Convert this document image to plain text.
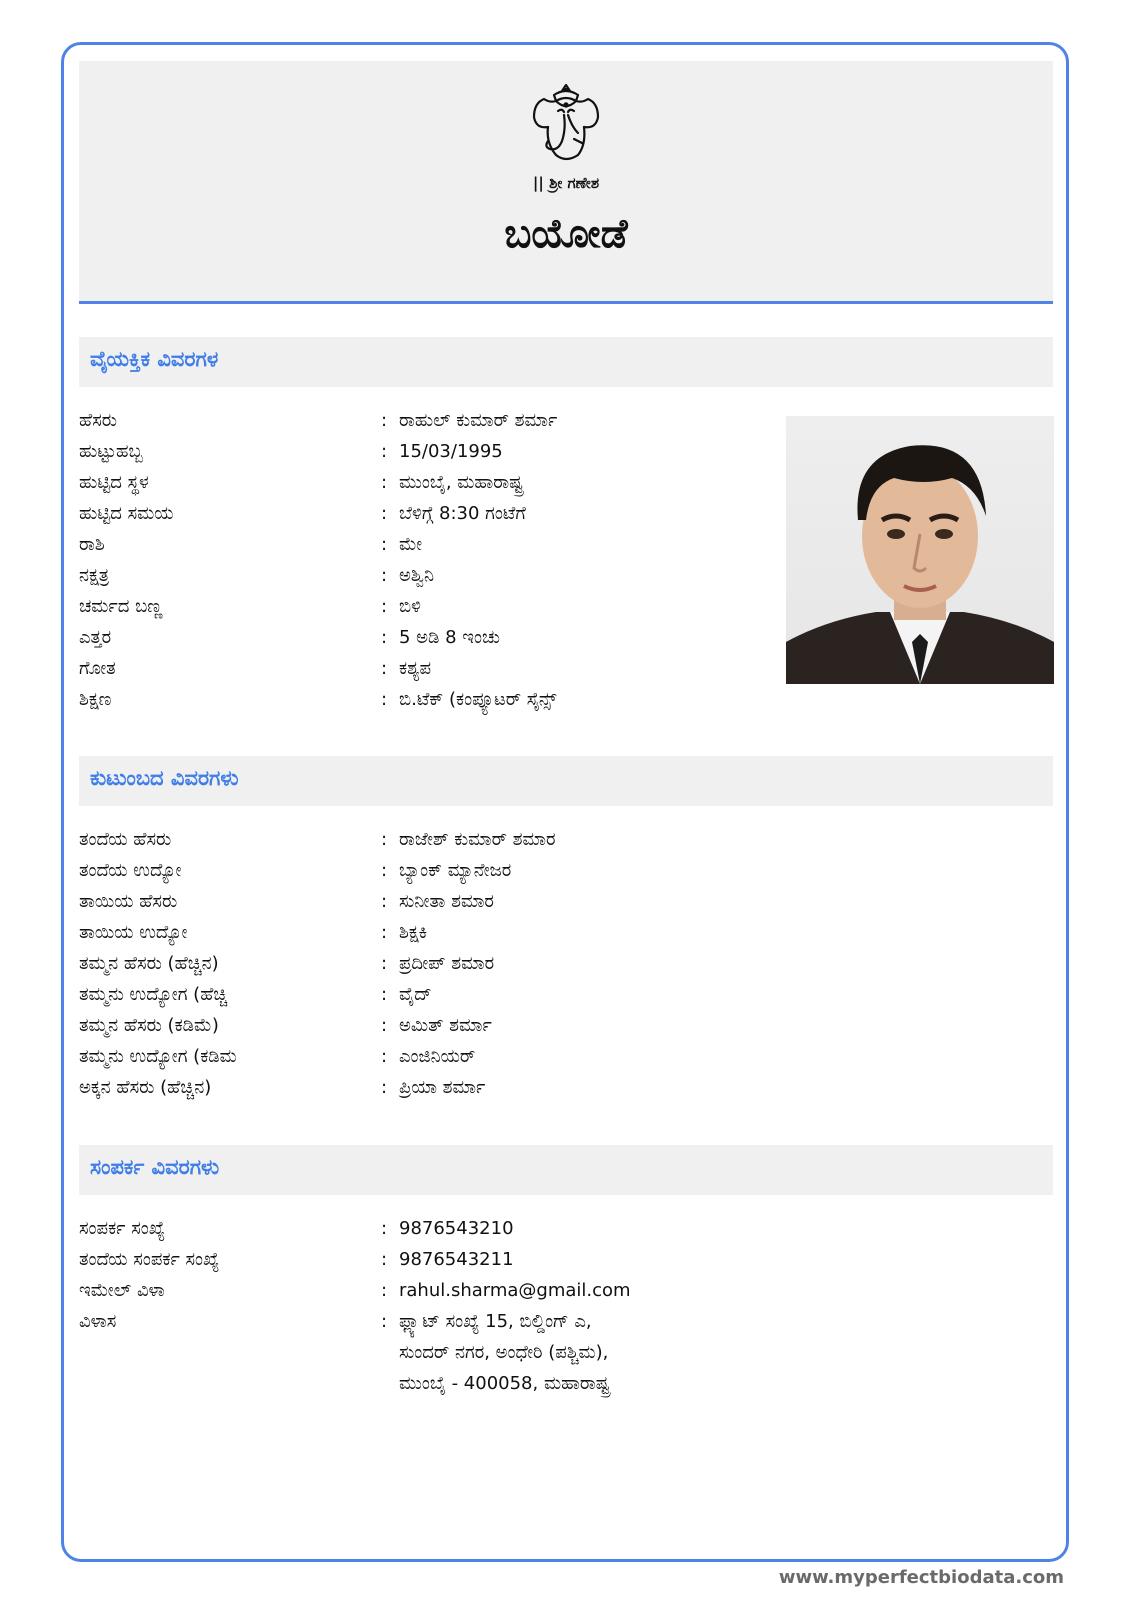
|| ಶ್ರೀ ಗಣೇಶ
ಬಯೋಡೆ
ವೈಯಕ್ತಿಕ ವಿವರಗಳ
ಹೆಸರು	: ರಾಹುಲ್ ಕುಮಾರ್ ಶರ್ಮಾ
ಹುಟ್ಟುಹಬ್ಬ	: 15/03/1995
ಹುಟ್ಟಿದ ಸ್ಥಳ	: ಮುಂಬೈ, ಮಹಾರಾಷ್ಟ್ರ
ಹುಟ್ಟಿದ ಸಮಯ	: ಬೆಳಿಗ್ಗೆ 8:30 ಗಂಟೆಗೆ
ರಾಶಿ	: ಮೇ
ನಕ್ಷತ್ರ	: ಅಶ್ವಿನಿ
ಚರ್ಮದ ಬಣ್ಣ	: ಬಿಳಿ
ಎತ್ತರ	: 5 ಅಡಿ 8 ಇಂಚು
ಗೋತ	: ಕಶ್ಯಪ
ಶಿಕ್ಷಣ	: ಬಿ.ಟೆಕ್ (ಕಂಪ್ಯೂಟರ್ ಸೈನ್ಸ್
ಕುಟುಂಬದ ವಿವರಗಳು
ತಂದೆಯ ಹೆಸರು	: ರಾಜೇಶ್ ಕುಮಾರ್ ಶಮಾರ
ತಂದೆಯ ಉದ್ಯೋ	: ಬ್ಯಾಂಕ್ ಮ್ಯಾನೇಜರ
ತಾಯಿಯ ಹೆಸರು	: ಸುನೀತಾ ಶಮಾರ
ತಾಯಿಯ ಉದ್ಯೋ	: ಶಿಕ್ಷಕಿ
ತಮ್ಮನ ಹೆಸರು (ಹೆಚ್ಚಿನ)	: ಪ್ರದೀಪ್ ಶಮಾರ
ತಮ್ಮನು ಉದ್ಯೋಗ (ಹೆಚ್ಚಿ	: ವೈದ್
ತಮ್ಮನ ಹೆಸರು (ಕಡಿಮೆ)	: ಅಮಿತ್ ಶರ್ಮಾ
ತಮ್ಮನು ಉದ್ಯೋಗ (ಕಡಿಮ	: ಎಂಜಿನಿಯರ್
ಅಕ್ಕನ ಹೆಸರು (ಹೆಚ್ಚಿನ)	: ಪ್ರಿಯಾ ಶರ್ಮಾ
ಸಂಪರ್ಕ ವಿವರಗಳು
ಸಂಪರ್ಕ ಸಂಖ್ಯೆ	: 9876543210
ತಂದೆಯ ಸಂಪರ್ಕ ಸಂಖ್ಯೆ	: 9876543211
ಇಮೇಲ್ ವಿಳಾ	: rahul.sharma@gmail.com
ವಿಳಾಸ	: ಫ್ಲ್ಯಾಟ್ ಸಂಖ್ಯೆ 15, ಬಿಲ್ಡಿಂಗ್ ಎ,
ಸುಂದರ್ ನಗರ, ಅಂಧೇರಿ (ಪಶ್ಚಿಮ),
ಮುಂಬೈ - 400058, ಮಹಾರಾಷ್ಟ್ರ
www.myperfectbiodata.com
